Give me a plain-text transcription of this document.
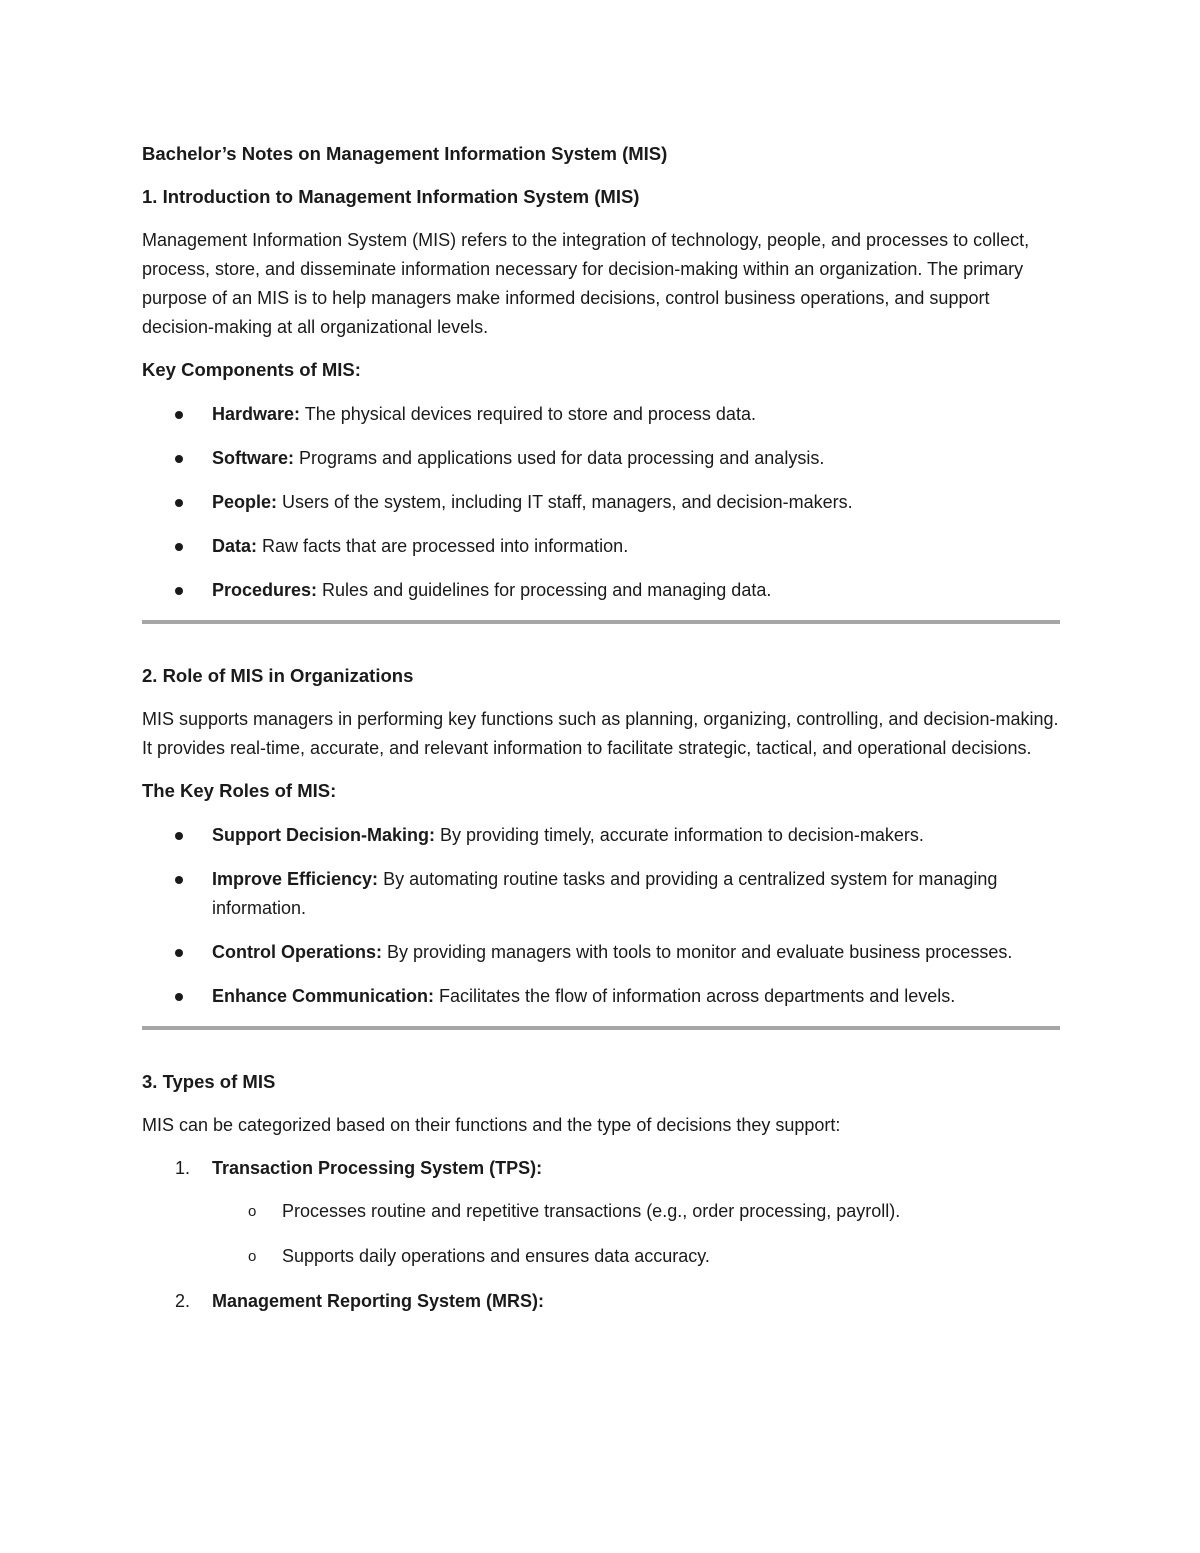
Bachelor’s Notes on Management Information System (MIS)

1. Introduction to Management Information System (MIS)

Management Information System (MIS) refers to the integration of technology, people, and processes to collect, process, store, and disseminate information necessary for decision-making within an organization. The primary purpose of an MIS is to help managers make informed decisions, control business operations, and support decision-making at all organizational levels.

Key Components of MIS:

Hardware: The physical devices required to store and process data.
Software: Programs and applications used for data processing and analysis.
People: Users of the system, including IT staff, managers, and decision-makers.
Data: Raw facts that are processed into information.
Procedures: Rules and guidelines for processing and managing data.

2. Role of MIS in Organizations

MIS supports managers in performing key functions such as planning, organizing, controlling, and decision-making. It provides real-time, accurate, and relevant information to facilitate strategic, tactical, and operational decisions.

The Key Roles of MIS:

Support Decision-Making: By providing timely, accurate information to decision-makers.
Improve Efficiency: By automating routine tasks and providing a centralized system for managing information.
Control Operations: By providing managers with tools to monitor and evaluate business processes.
Enhance Communication: Facilitates the flow of information across departments and levels.

3. Types of MIS

MIS can be categorized based on their functions and the type of decisions they support:

1. Transaction Processing System (TPS):
o Processes routine and repetitive transactions (e.g., order processing, payroll).
o Supports daily operations and ensures data accuracy.
2. Management Reporting System (MRS):
